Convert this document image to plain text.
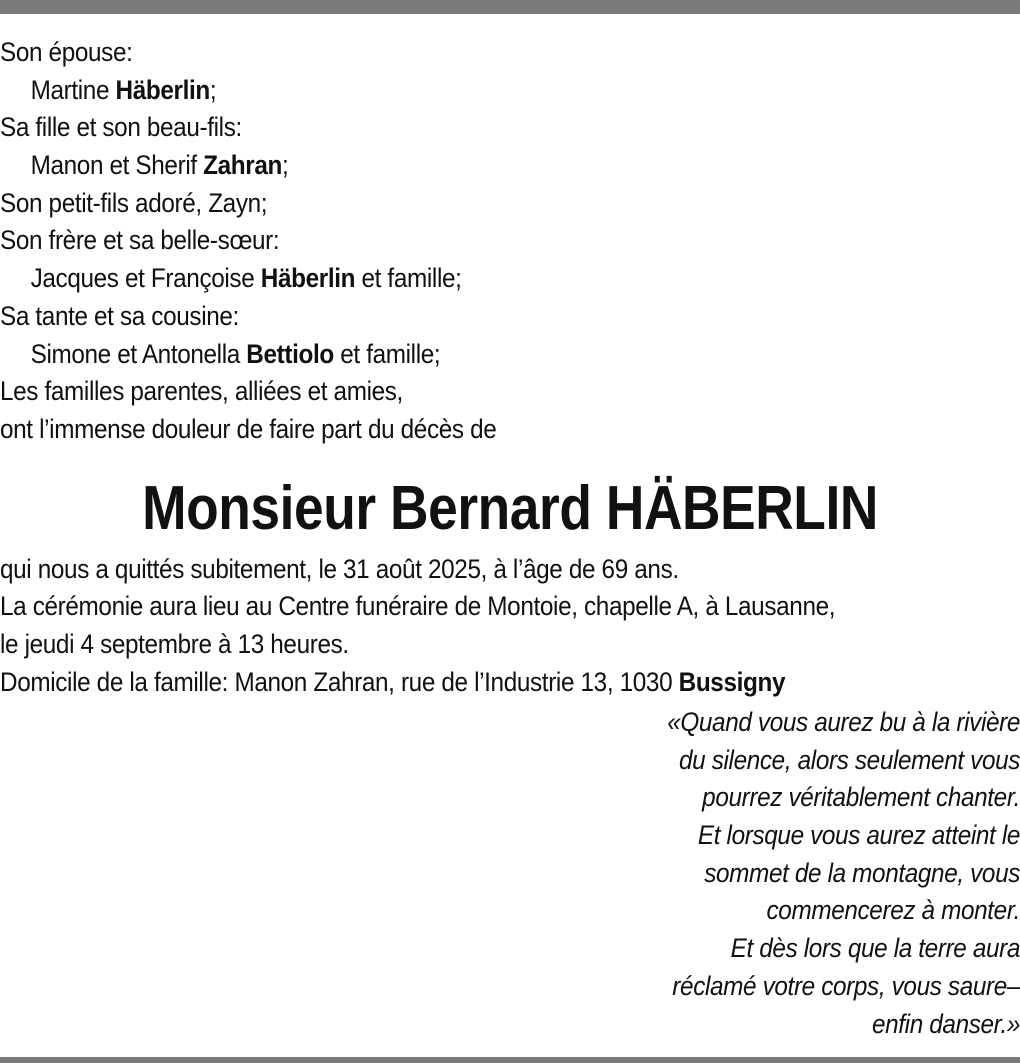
Son épouse:
Martine Häberlin;
Sa fille et son beau-fils:
Manon et Sherif Zahran;
Son petit-fils adoré, Zayn;
Son frère et sa belle-sœur:
Jacques et Françoise Häberlin et famille;
Sa tante et sa cousine:
Simone et Antonella Bettiolo et famille;
Les familles parentes, alliées et amies,
ont l’immense douleur de faire part du décès de
Monsieur Bernard HÄBERLIN
qui nous a quittés subitement, le 31 août 2025, à l’âge de 69 ans.
La cérémonie aura lieu au Centre funéraire de Montoie, chapelle A, à Lausanne,
le jeudi 4 septembre à 13 heures.
Domicile de la famille: Manon Zahran, rue de l’Industrie 13, 1030 Bussigny
«Quand vous aurez bu à la rivière
du silence, alors seulement vous
pourrez véritablement chanter.
Et lorsque vous aurez atteint le
sommet de la montagne, vous
commencerez à monter.
Et dès lors que la terre aura
réclamé votre corps, vous saure–
enfin danser.»
